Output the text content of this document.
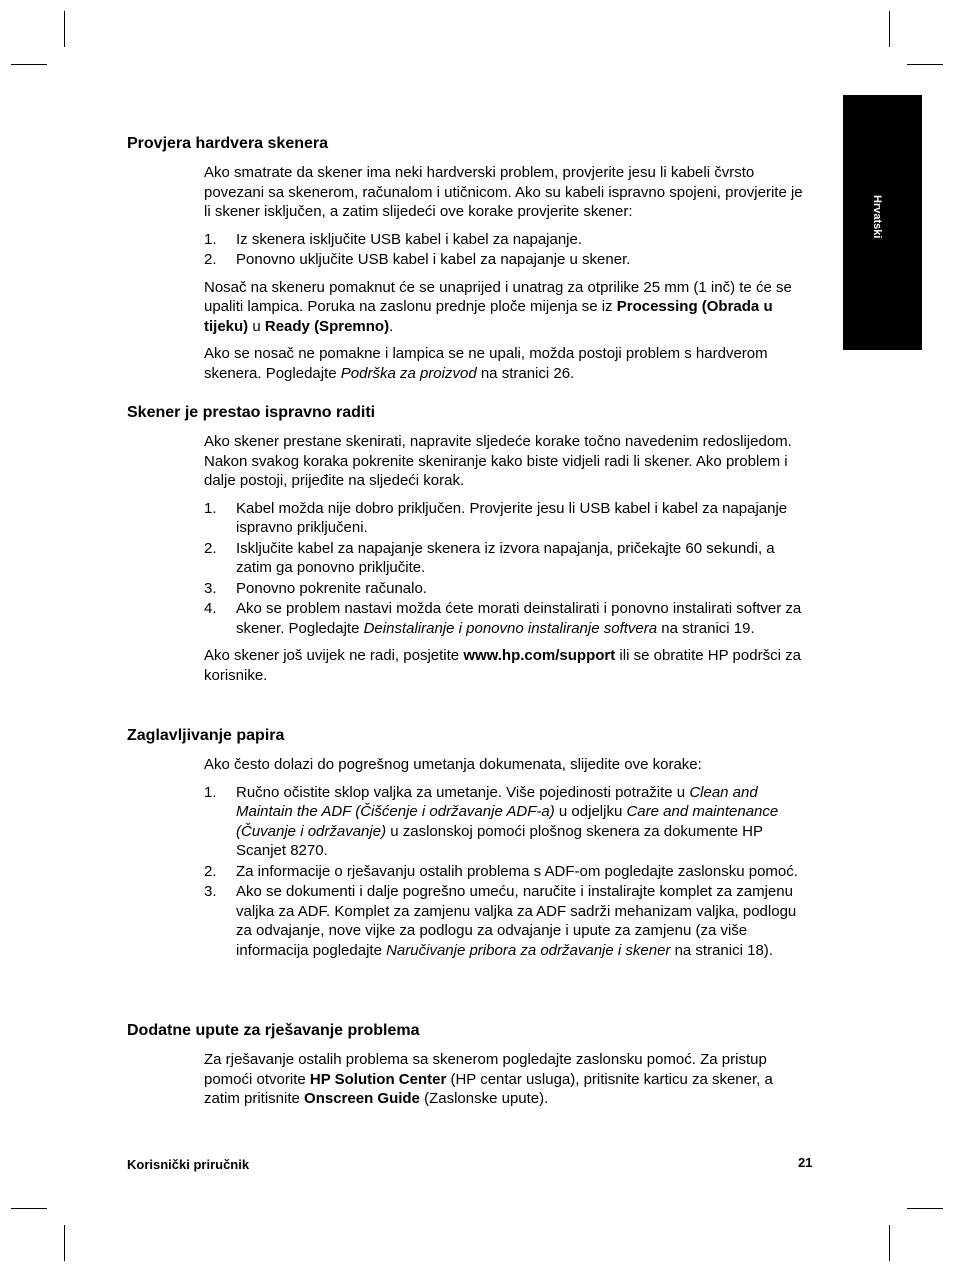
Hrvatski
Provjera hardvera skenera

Ako smatrate da skener ima neki hardverski problem, provjerite jesu li kabeli čvrsto povezani sa skenerom, računalom i utičnicom. Ako su kabeli ispravno spojeni, provjerite je li skener isključen, a zatim slijedeći ove korake provjerite skener:

1. Iz skenera isključite USB kabel i kabel za napajanje.
2. Ponovno uključite USB kabel i kabel za napajanje u skener.

Nosač na skeneru pomaknut će se unaprijed i unatrag za otprilike 25 mm (1 inč) te će se upaliti lampica. Poruka na zaslonu prednje ploče mijenja se iz Processing (Obrada u tijeku) u Ready (Spremno).

Ako se nosač ne pomakne i lampica se ne upali, možda postoji problem s hardverom skenera. Pogledajte Podrška za proizvod na stranici 26.

Skener je prestao ispravno raditi

Ako skener prestane skenirati, napravite sljedeće korake točno navedenim redoslijedom. Nakon svakog koraka pokrenite skeniranje kako biste vidjeli radi li skener. Ako problem i dalje postoji, prijeđite na sljedeći korak.

1. Kabel možda nije dobro priključen. Provjerite jesu li USB kabel i kabel za napajanje ispravno priključeni.
2. Isključite kabel za napajanje skenera iz izvora napajanja, pričekajte 60 sekundi, a zatim ga ponovno priključite.
3. Ponovno pokrenite računalo.
4. Ako se problem nastavi možda ćete morati deinstalirati i ponovno instalirati softver za skener. Pogledajte Deinstaliranje i ponovno instaliranje softvera na stranici 19.

Ako skener još uvijek ne radi, posjetite www.hp.com/support ili se obratite HP podršci za korisnike.

Zaglavljivanje papira

Ako često dolazi do pogrešnog umetanja dokumenata, slijedite ove korake:

1. Ručno očistite sklop valjka za umetanje. Više pojedinosti potražite u Clean and Maintain the ADF (Čišćenje i održavanje ADF-a) u odjeljku Care and maintenance (Čuvanje i održavanje) u zaslonskoj pomoći plošnog skenera za dokumente HP Scanjet 8270.
2. Za informacije o rješavanju ostalih problema s ADF-om pogledajte zaslonsku pomoć.
3. Ako se dokumenti i dalje pogrešno umeću, naručite i instalirajte komplet za zamjenu valjka za ADF. Komplet za zamjenu valjka za ADF sadrži mehanizam valjka, podlogu za odvajanje, nove vijke za podlogu za odvajanje i upute za zamjenu (za više informacija pogledajte Naručivanje pribora za održavanje i skener na stranici 18).
Dodatne upute za rješavanje problema

Za rješavanje ostalih problema sa skenerom pogledajte zaslonsku pomoć. Za pristup pomoći otvorite HP Solution Center (HP centar usluga), pritisnite karticu za skener, a zatim pritisnite Onscreen Guide (Zaslonske upute).

Korisnički priručnik	21
